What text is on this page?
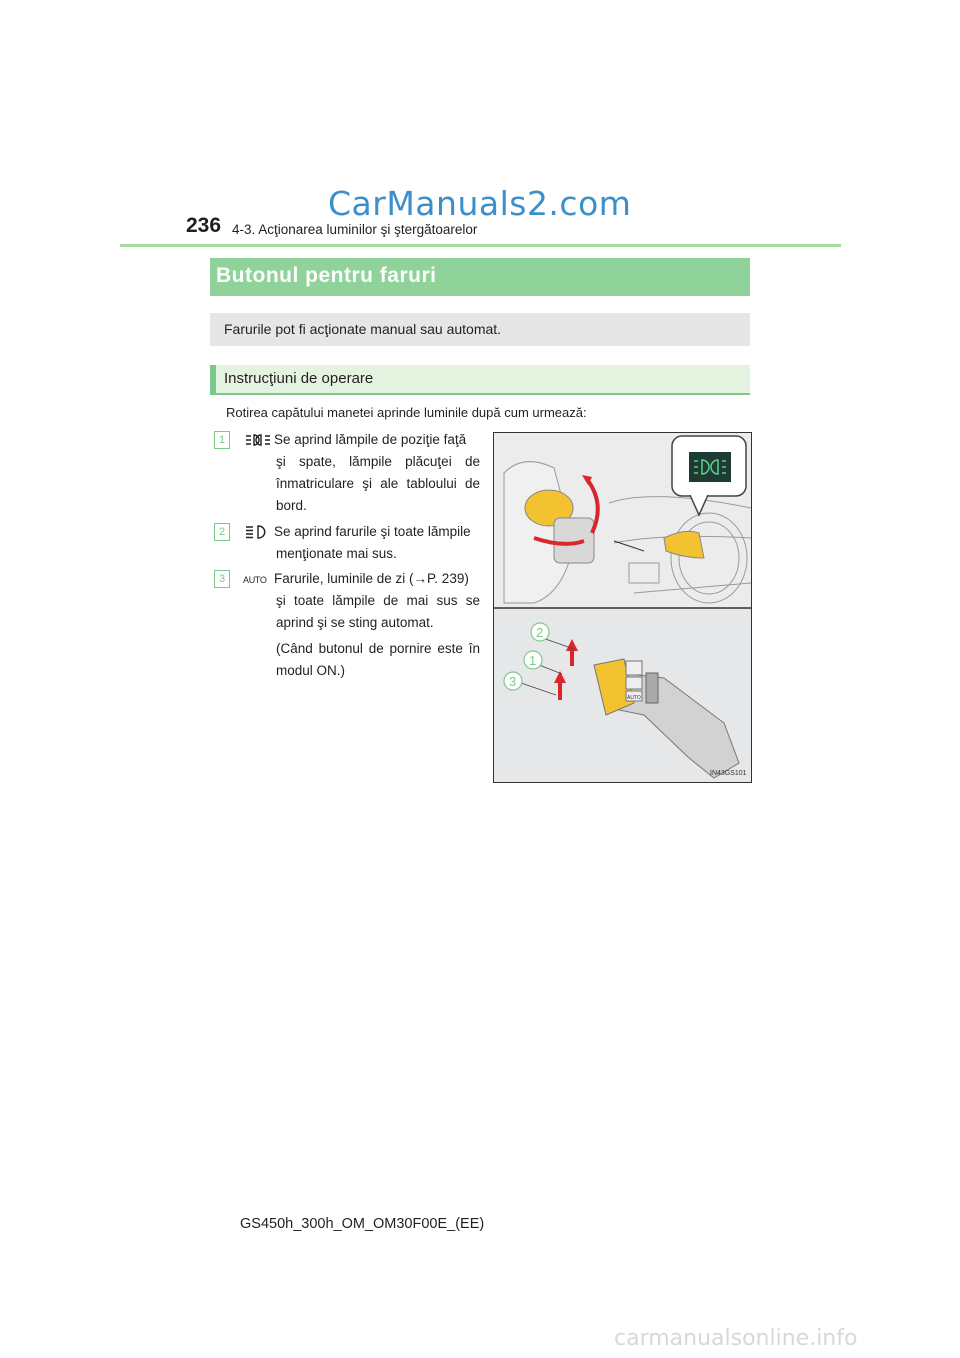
CarManuals2.com
236 4-3. Acţionarea luminilor şi ştergătoarelor
Butonul pentru faruri
Farurile pot fi acţionate manual sau automat.
Instrucţiuni de operare
Rotirea capătului manetei aprinde luminile după cum urmează:
1	Se aprind lămpile de poziţie faţă
şi spate, lămpile plăcuţei de înmatriculare şi ale tabloului de bord.
2	Se aprind farurile şi toate lămpile
menţionate mai sus.
3	AUTO Farurile, luminile de zi (→P. 239)
şi toate lămpile de mai sus se aprind şi se sting automat.
(Când butonul de pornire este în modul ON.)
AUTO
2
1
3
IN43GS101
GS450h_300h_OM_OM30F00E_(EE)
carmanualsonline.info
